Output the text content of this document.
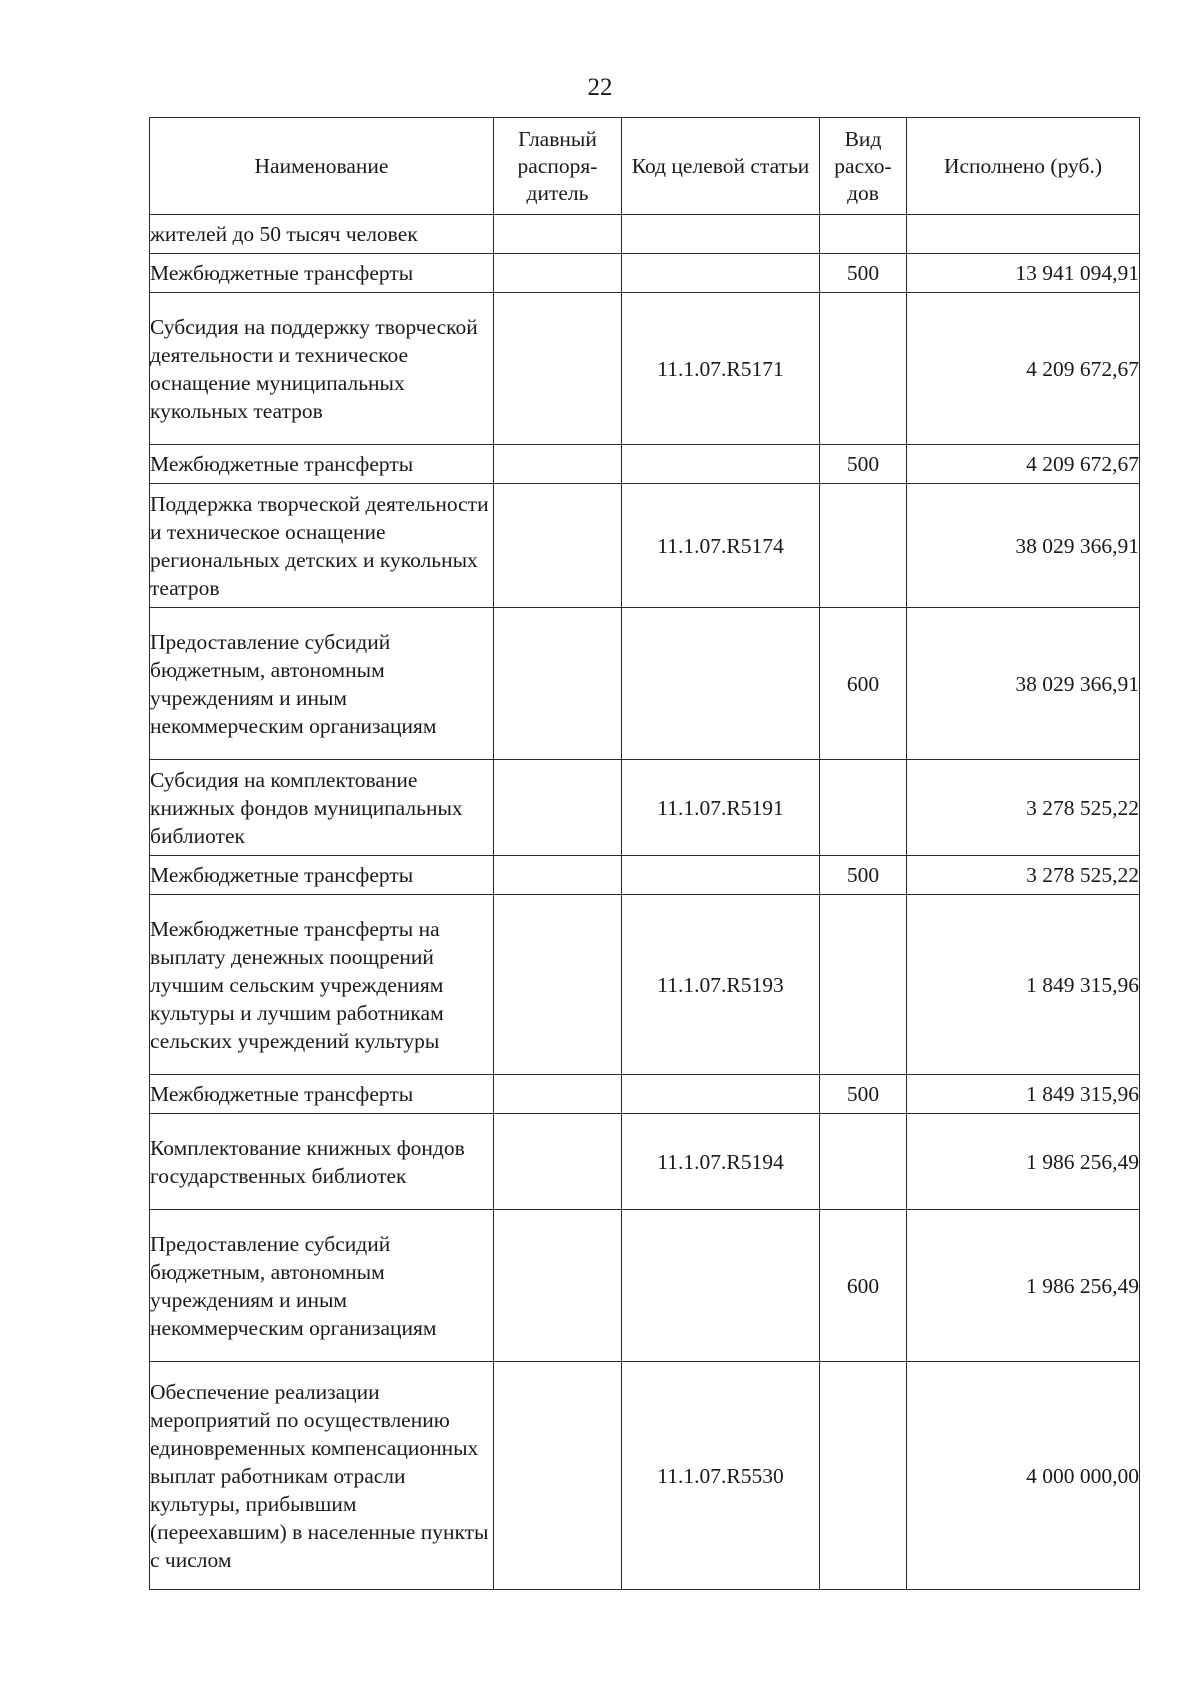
22
Наименование	Главный распоря-дитель	Код целевой статьи	Вид расхо-дов	Исполнено (руб.)
жителей до 50 тысяч человек				
Межбюджетные трансферты			500	13 941 094,91
Субсидия на поддержку творческой деятельности и техническое оснащение муниципальных кукольных театров		11.1.07.R5171		4 209 672,67
Межбюджетные трансферты			500	4 209 672,67
Поддержка творческой деятельности и техническое оснащение региональных детских и кукольных театров		11.1.07.R5174		38 029 366,91
Предоставление субсидий бюджетным, автономным учреждениям и иным некоммерческим организациям			600	38 029 366,91
Субсидия на комплектование книжных фондов муниципальных библиотек		11.1.07.R5191		3 278 525,22
Межбюджетные трансферты			500	3 278 525,22
Межбюджетные трансферты на выплату денежных поощрений лучшим сельским учреждениям культуры и лучшим работникам сельских учреждений культуры		11.1.07.R5193		1 849 315,96
Межбюджетные трансферты			500	1 849 315,96
Комплектование книжных фондов государственных библиотек		11.1.07.R5194		1 986 256,49
Предоставление субсидий бюджетным, автономным учреждениям и иным некоммерческим организациям			600	1 986 256,49
Обеспечение реализации мероприятий по осуществлению единовременных компенсационных выплат работникам отрасли культуры, прибывшим (переехавшим) в населенные пункты с числом		11.1.07.R5530		4 000 000,00
